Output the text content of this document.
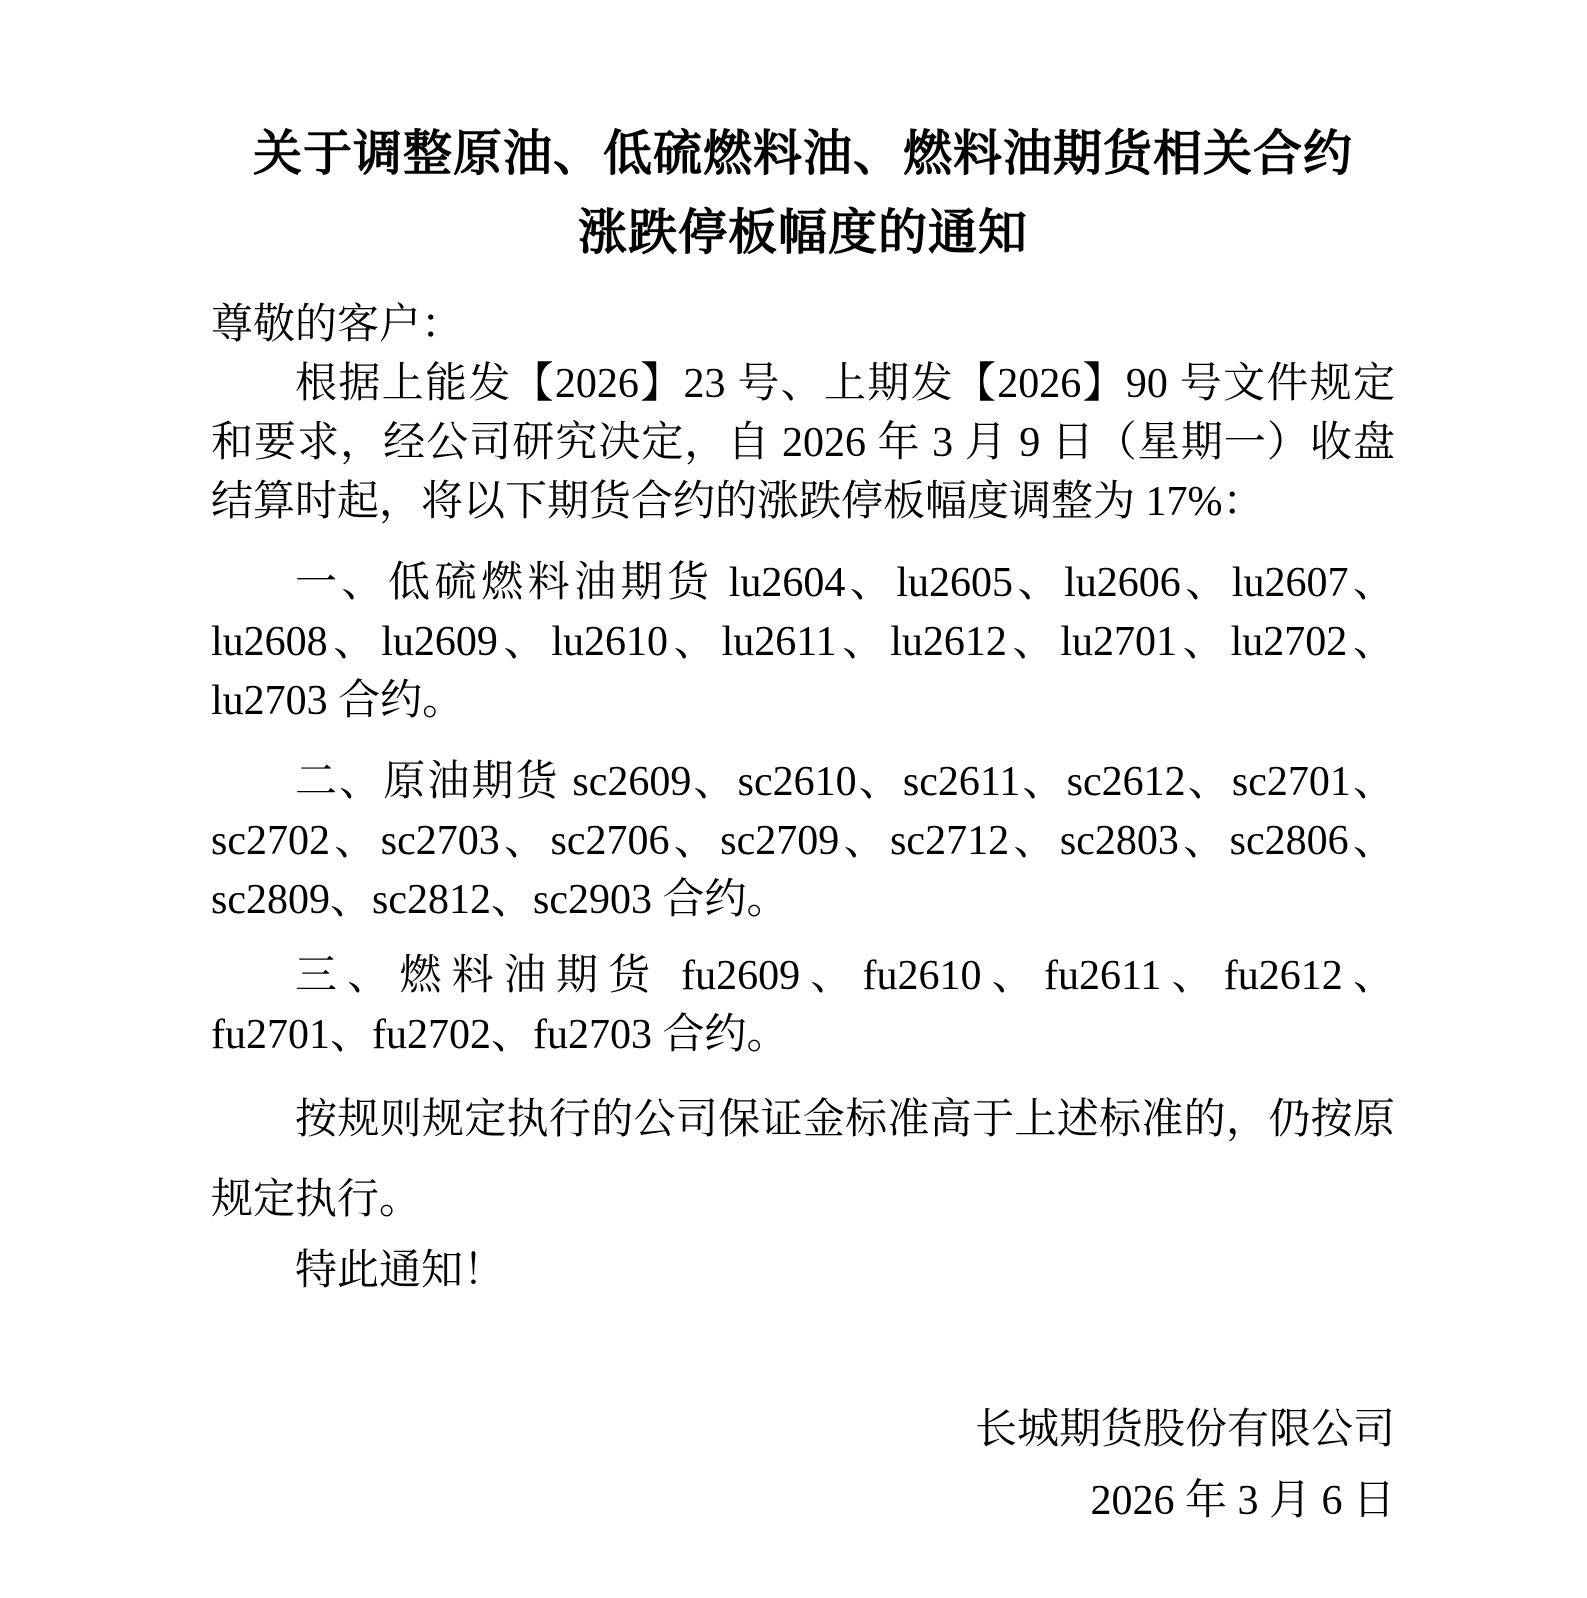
关于调整原油、低硫燃料油、燃料油期货相关合约
涨跌停板幅度的通知

尊敬的客户：

根据上能发【2026】23 号、上期发【2026】90 号文件规定和要求，经公司研究决定，自 2026 年 3 月 9 日（星期一）收盘结算时起，将以下期货合约的涨跌停板幅度调整为 17%：

一、低硫燃料油期货 lu2604、lu2605、lu2606、lu2607、lu2608、lu2609、lu2610、lu2611、lu2612、lu2701、lu2702、lu2703 合约。

二、原油期货 sc2609、sc2610、sc2611、sc2612、sc2701、sc2702、sc2703、sc2706、sc2709、sc2712、sc2803、sc2806、sc2809、sc2812、sc2903 合约。

三、燃料油期货 fu2609、fu2610、fu2611、fu2612、fu2701、fu2702、fu2703 合约。

按规则规定执行的公司保证金标准高于上述标准的，仍按原规定执行。

特此通知！

长城期货股份有限公司

2026 年 3 月 6 日
